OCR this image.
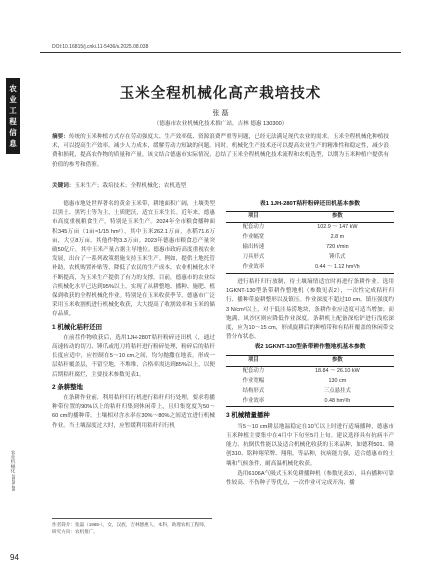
DOI:10.16815/j.cnki.11-5436/s.2025.08.038
农
业
工
程
信
息
农业机械化 2025.08
94
玉米全程机械化高产栽培技术
张 磊
（德惠市农业机械化技术推广站，吉林 德惠 130300）
摘要：传统的玉米种植方式存在劳动强度大、生产效率低、资源浪费严重等问题，已经无法满足现代农业的需求。玉米全程机械化种植技术，可以提高生产效率，减少人力成本，缓解劳动力短缺的问题。同时，机械化生产技术还可以提高农业生产的精准性和稳定性，减少浪费和损耗，提高农作物的质量和产量。该文结合德惠市实际情况，总结了玉米全程机械化技术流程和农机选型，以期为玉米种植户提供有价值的参考和借鉴。
关键词：玉米生产；栽培技术；全程机械化；农机选型

德惠市地处世界著名的黄金玉米带，耕地面积广阔，土壤类型以黑土、黑钙土等为主，土质肥沃，适宜玉米生长。近年来，德惠市高度重视粮食生产，特别是玉米生产。2024年全市粮食播种面积345万亩（1亩≈1/15 hm²），其中玉米262.1万亩，水稻71.6万亩，大豆8万亩，其他作物3.3万亩。2023年德惠市粮食总产量突破50亿斤，其中玉米产量占据主导地位。德惠市政府高度重视农业发展，出台了一系列政策措施支持玉米生产。例如，提供土地托管补助，农机购置补贴等，降低了农民的生产成本，农业机械化水平不断提高，为玉米生产提供了有力的支撑。目前，德惠市的农业综合机械化水平已达到95%以上，实现了从耕整地、播种、施肥、植保到收获的全程机械化作业。特别是在玉米收获季节，德惠市广泛采用玉米收割机进行机械化收获，大大提高了收割效率和玉米的储存品质。

1 机械化秸秆还田

在前茬作物收获后，选用1JH-280T秸秆粉碎还田机（，通过高速转动的切刀、锤爪或甩刀将秸秆进行粉碎处理，粉碎后的秸秆长度应适中，应控制在5～10 cm之间，均匀抛撒在地表，形成一层秸秆覆盖层，不留空地，不堆堆，合格率需达到85%以上，以便后期秸秆腐烂，主要技术参数见表1。

2 条耕整地

在条耕作业前，利用秸秆归行机进行秸秆归行处理，要求将播种带位置的90%以上的秸秆归集到休闲带上，且归集宽度为50～60 cm的播种带。土壤相对含水率在30%～80%之间适宜进行机械作业。当土壤湿度过大时，应暂缓利用秸秆归行机

作者简介：张磊（1985-），女，汉族，吉林德惠人，本科，助理农机工程师，研究方向：农机推广。
表1 1JH-280T秸秆粉碎还田机基本参数
项目	参数
配套动力	102.9 ～ 147 kW
作业幅宽	2.8 m
输出转速	720 r/min
刀具形式	锤爪式
作业效率	0.44 ～ 1.12 hm²/h

进行秸秆归行放制，待土壤墒情适宜时再进行条耕作业。选用1GKNT-130型条带耕作整地机（参数见表2），一次性完成秸秆归行、播种带旋耕整形以及镇压。作业深度不超过10 cm，镇压强度约3 N/cm²以上，对于低洼易涝地块，条耕作业应适度可适当增加；而饱满、风沙区则应降低作业深度。条耕机上配备深松铲进行浅松深度，应为10～15 cm，形成旋耕后的种植带和有秸秆覆盖的休闲带交替分布状态。

表2 1GKNT-130型条带耕作整地机基本参数
项目	参数
配套动力	18.84 ～ 26.10 kW
作业宽幅	130 cm
结构形式	三点悬挂式
作业效率	0.48 hm²/h
3 机械精量播种

当5～10 cm耕层地温稳定在10℃以上时进行适墒播种，德惠市玉米种植主要集中在4月中下旬至5月上旬。建议选择具有抗病丰产能力、抗倒伏性能以及适合机械化收获的玉米品种，如德利501、隆创310、铭种翔荣牌、翔翔，等品种，抗病能力强，适合德惠市的土壤和气候条件，耐高温机械化收获。

选用6106A气吸式玉米免耕播种机（参数见表3），具有播种可靠性较高、不伤种子等优点，一次作业可完成开沟、播
